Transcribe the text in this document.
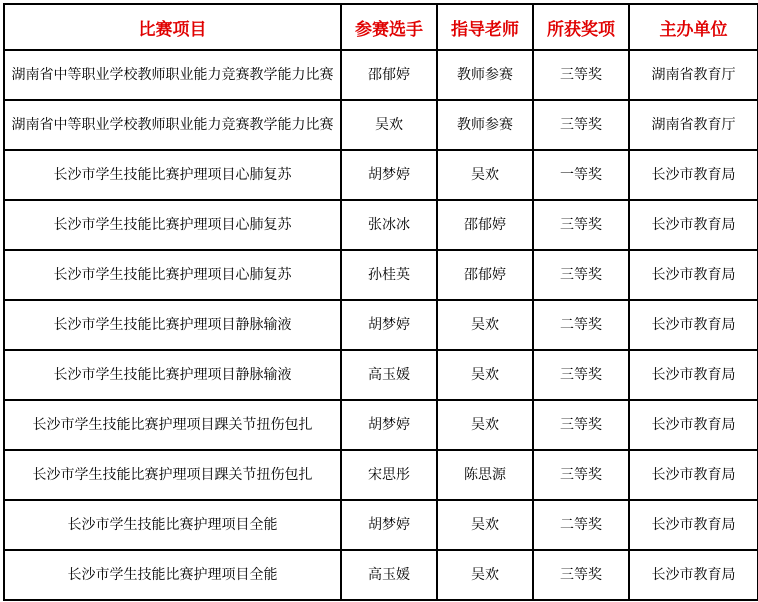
比赛项目	参赛选手	指导老师	所获奖项	主办单位
湖南省中等职业学校教师职业能力竞赛教学能力比赛	邵郁婷	教师参赛	三等奖	湖南省教育厅
湖南省中等职业学校教师职业能力竞赛教学能力比赛	吴欢	教师参赛	三等奖	湖南省教育厅
长沙市学生技能比赛护理项目心肺复苏	胡梦婷	吴欢	一等奖	长沙市教育局
长沙市学生技能比赛护理项目心肺复苏	张冰冰	邵郁婷	三等奖	长沙市教育局
长沙市学生技能比赛护理项目心肺复苏	孙桂英	邵郁婷	三等奖	长沙市教育局
长沙市学生技能比赛护理项目静脉输液	胡梦婷	吴欢	二等奖	长沙市教育局
长沙市学生技能比赛护理项目静脉输液	高玉媛	吴欢	三等奖	长沙市教育局
长沙市学生技能比赛护理项目踝关节扭伤包扎	胡梦婷	吴欢	三等奖	长沙市教育局
长沙市学生技能比赛护理项目踝关节扭伤包扎	宋思彤	陈思源	三等奖	长沙市教育局
长沙市学生技能比赛护理项目全能	胡梦婷	吴欢	二等奖	长沙市教育局
长沙市学生技能比赛护理项目全能	高玉媛	吴欢	三等奖	长沙市教育局
